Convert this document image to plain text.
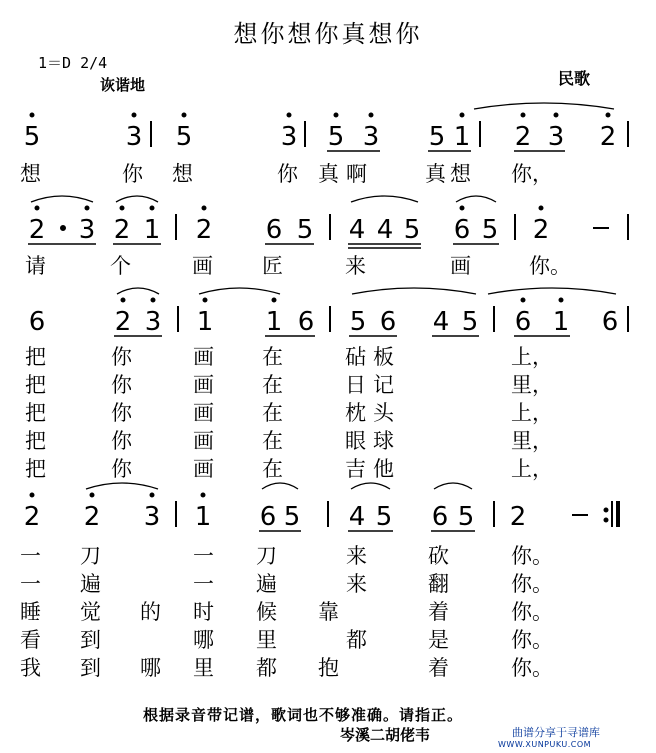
想你想你真想你
1＝D 2/4
诙谐地	民歌
5	3 5	3 5 3 5 1 2 3 2
2 3 2 1 2 6 5 4 4 5 6 5 2
6	2 3 1 1 6 5 6 4 5 6 1 6
2 2 3 1 6 5 4 5 6 5 2
想	你 想	你 真 啊	真 想 你，
请	个	画 匠	来	画	你。
把	你	画 在	砧 板	上，
把	你	画 在	日 记	里，
把	你	画 在	枕 头	上，
把	你	画 在	眼 球	里，
把	你	画 在	吉 他	上，
一 刀	一 刀	来	砍	你。
一 遍	一 遍	来	翻	你。
睡 觉 的 时 候 靠	着	你。
看 到	哪 里	都	是	你。
我 到 哪 里 都 抱	着	你。
根据录音带记谱，歌词也不够准确。请指正。
岑溪二胡佬韦	曲谱分享于寻谱库
WWW.XUNPUKU.COM
